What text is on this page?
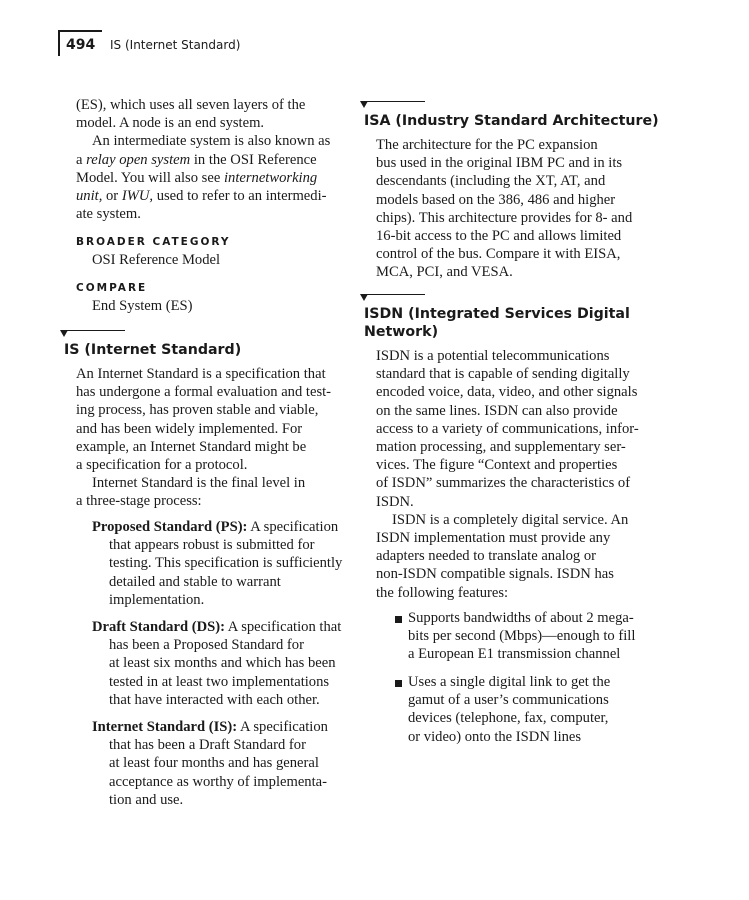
494 IS (Internet Standard)
(ES), which uses all seven layers of the
model. A node is an end system.
An intermediate system is also known as
a relay open system in the OSI Reference
Model. You will also see internetworking
unit, or IWU, used to refer to an intermedi-
ate system.
BROADER CATEGORY
OSI Reference Model
COMPARE
End System (ES)
IS (Internet Standard)
An Internet Standard is a specification that
has undergone a formal evaluation and test-
ing process, has proven stable and viable,
and has been widely implemented. For
example, an Internet Standard might be
a specification for a protocol.
Internet Standard is the final level in
a three-stage process:
Proposed Standard (PS): A specification
that appears robust is submitted for
testing. This specification is sufficiently
detailed and stable to warrant
implementation.
Draft Standard (DS): A specification that
has been a Proposed Standard for
at least six months and which has been
tested in at least two implementations
that have interacted with each other.
Internet Standard (IS): A specification
that has been a Draft Standard for
at least four months and has general
acceptance as worthy of implementa-
tion and use.
ISA (Industry Standard Architecture)
The architecture for the PC expansion
bus used in the original IBM PC and in its
descendants (including the XT, AT, and
models based on the 386, 486 and higher
chips). This architecture provides for 8- and
16-bit access to the PC and allows limited
control of the bus. Compare it with EISA,
MCA, PCI, and VESA.
ISDN (Integrated Services Digital
Network)
ISDN is a potential telecommunications
standard that is capable of sending digitally
encoded voice, data, video, and other signals
on the same lines. ISDN can also provide
access to a variety of communications, infor-
mation processing, and supplementary ser-
vices. The figure “Context and properties
of ISDN” summarizes the characteristics of
ISDN.
ISDN is a completely digital service. An
ISDN implementation must provide any
adapters needed to translate analog or
non-ISDN compatible signals. ISDN has
the following features:
Supports bandwidths of about 2 mega-
bits per second (Mbps)—enough to fill
a European E1 transmission channel
Uses a single digital link to get the
gamut of a user’s communications
devices (telephone, fax, computer,
or video) onto the ISDN lines
